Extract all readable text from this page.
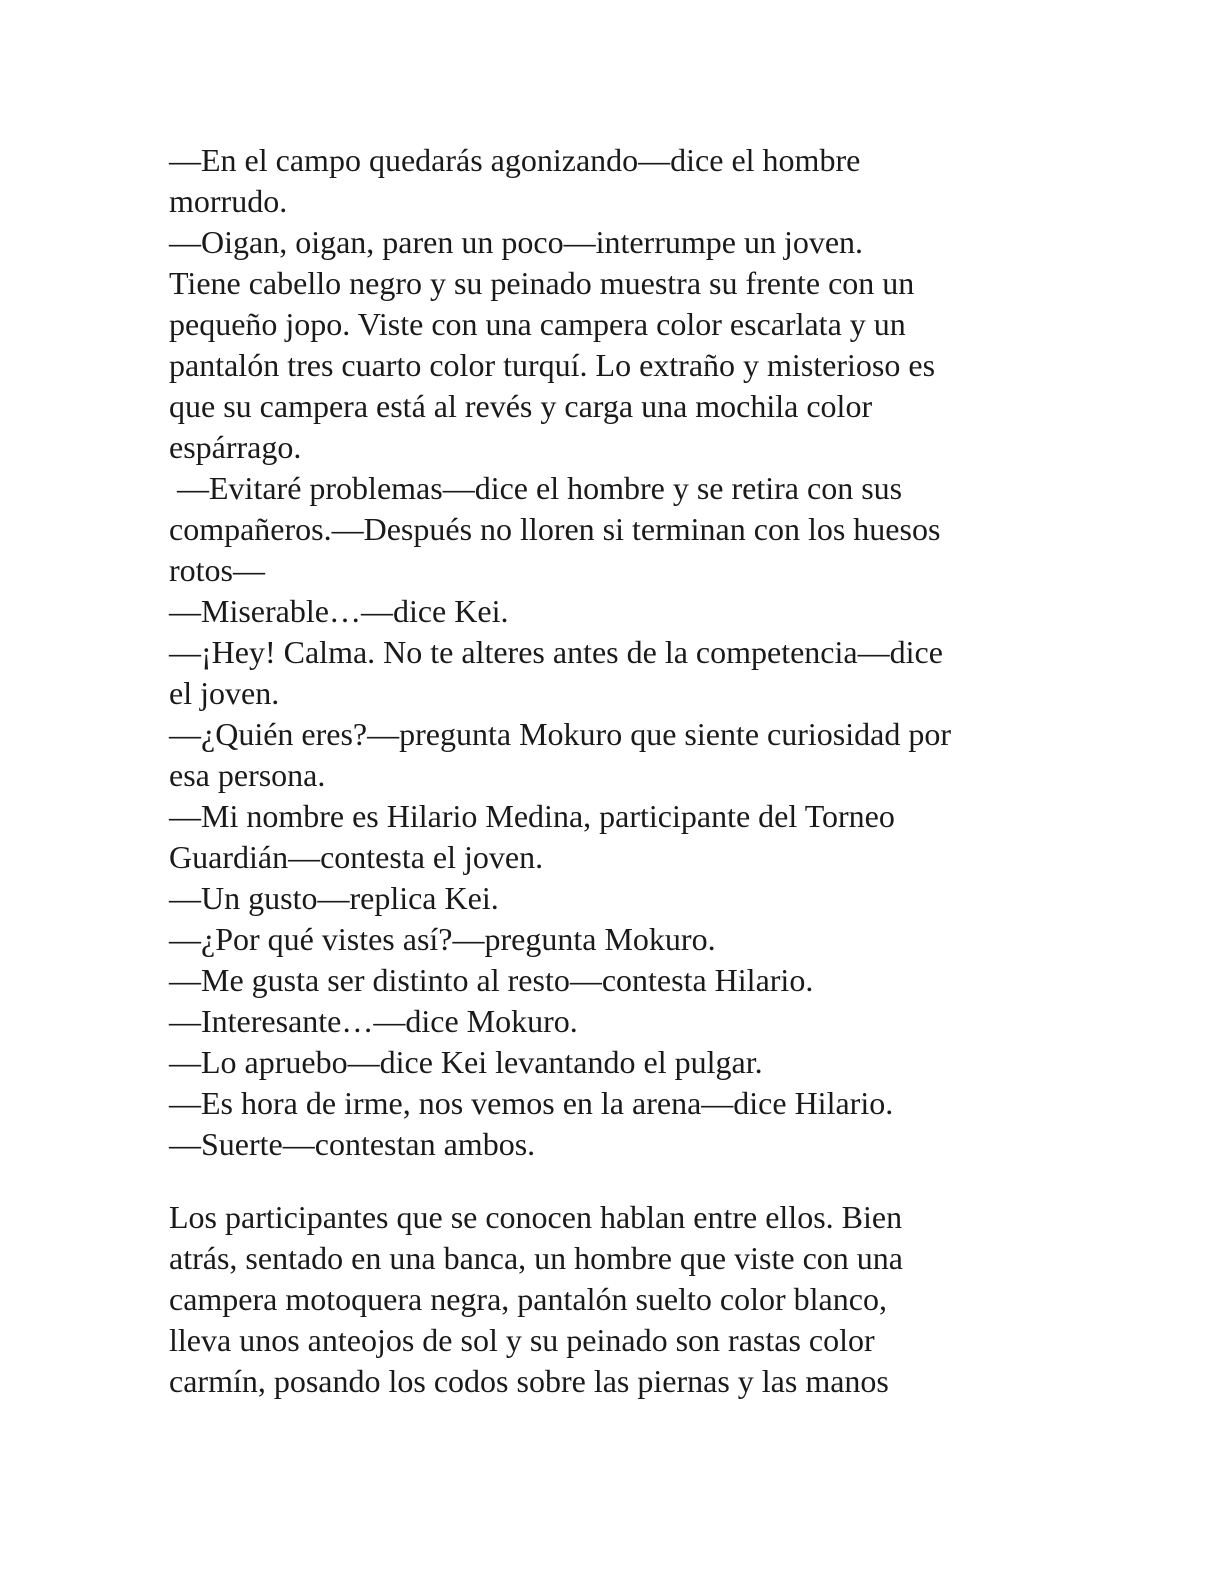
—En el campo quedarás agonizando—dice el hombre
morrudo.
—Oigan, oigan, paren un poco—interrumpe un joven.
Tiene cabello negro y su peinado muestra su frente con un
pequeño jopo. Viste con una campera color escarlata y un
pantalón tres cuarto color turquí. Lo extraño y misterioso es
que su campera está al revés y carga una mochila color
espárrago.
—Evitaré problemas—dice el hombre y se retira con sus
compañeros.—Después no lloren si terminan con los huesos
rotos—
—Miserable…—dice Kei.
—¡Hey! Calma. No te alteres antes de la competencia—dice
el joven.
—¿Quién eres?—pregunta Mokuro que siente curiosidad por
esa persona.
—Mi nombre es Hilario Medina, participante del Torneo
Guardián—contesta el joven.
—Un gusto—replica Kei.
—¿Por qué vistes así?—pregunta Mokuro.
—Me gusta ser distinto al resto—contesta Hilario.
—Interesante…—dice Mokuro.
—Lo apruebo—dice Kei levantando el pulgar.
—Es hora de irme, nos vemos en la arena—dice Hilario.
—Suerte—contestan ambos.
Los participantes que se conocen hablan entre ellos. Bien
atrás, sentado en una banca, un hombre que viste con una
campera motoquera negra, pantalón suelto color blanco,
lleva unos anteojos de sol y su peinado son rastas color
carmín, posando los codos sobre las piernas y las manos
